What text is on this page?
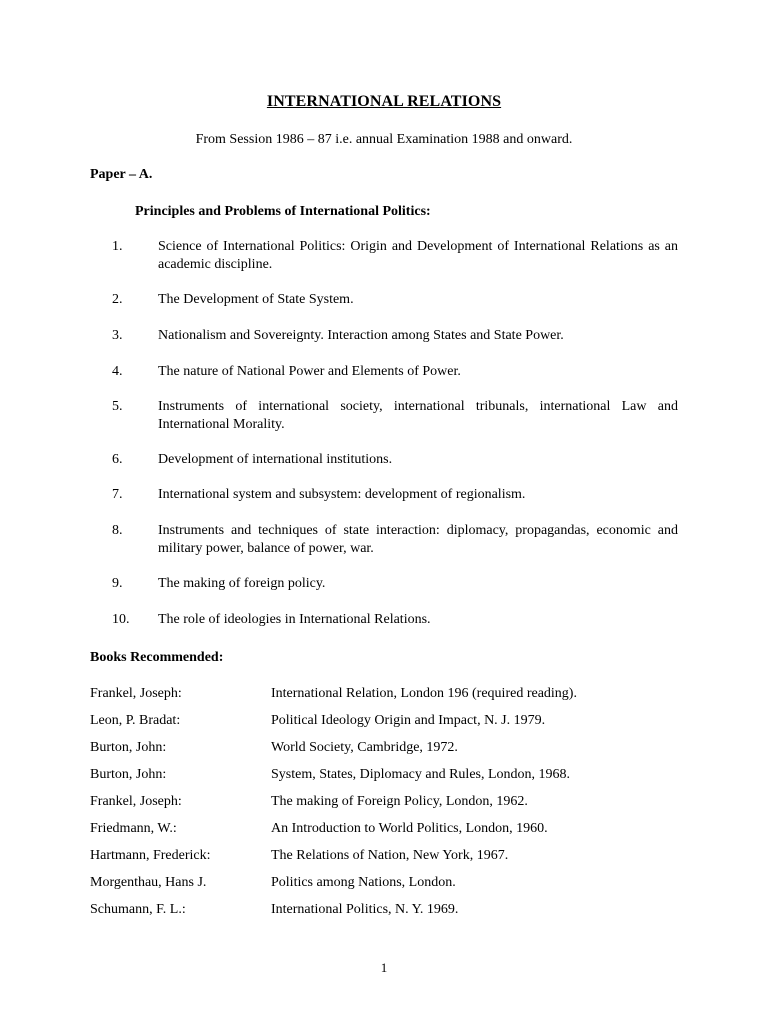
INTERNATIONAL RELATIONS
From Session 1986 – 87 i.e. annual Examination 1988 and onward.
Paper – A.
Principles and Problems of International Politics:
1.	Science of International Politics: Origin and Development of International Relations as an academic discipline.
2.	The Development of State System.
3.	Nationalism and Sovereignty. Interaction among States and State Power.
4.	The nature of National Power and Elements of Power.
5.	Instruments of international society, international tribunals, international Law and International Morality.
6.	Development of international institutions.
7.	International system and subsystem: development of regionalism.
8.	Instruments and techniques of state interaction: diplomacy, propagandas, economic and military power, balance of power, war.
9.	The making of foreign policy.
10. The role of ideologies in International Relations.
Books Recommended:
Frankel, Joseph:	International Relation, London 196 (required reading).
Leon, P. Bradat:	Political Ideology Origin and Impact, N. J. 1979.
Burton, John:	World Society, Cambridge, 1972.
Burton, John:	System, States, Diplomacy and Rules, London, 1968.
Frankel, Joseph:	The making of Foreign Policy, London, 1962.
Friedmann, W.:	An Introduction to World Politics, London, 1960.
Hartmann, Frederick:	The Relations of Nation, New York, 1967.
Morgenthau, Hans J.	Politics among Nations, London.
Schumann, F. L.:	International Politics, N. Y. 1969.
1
